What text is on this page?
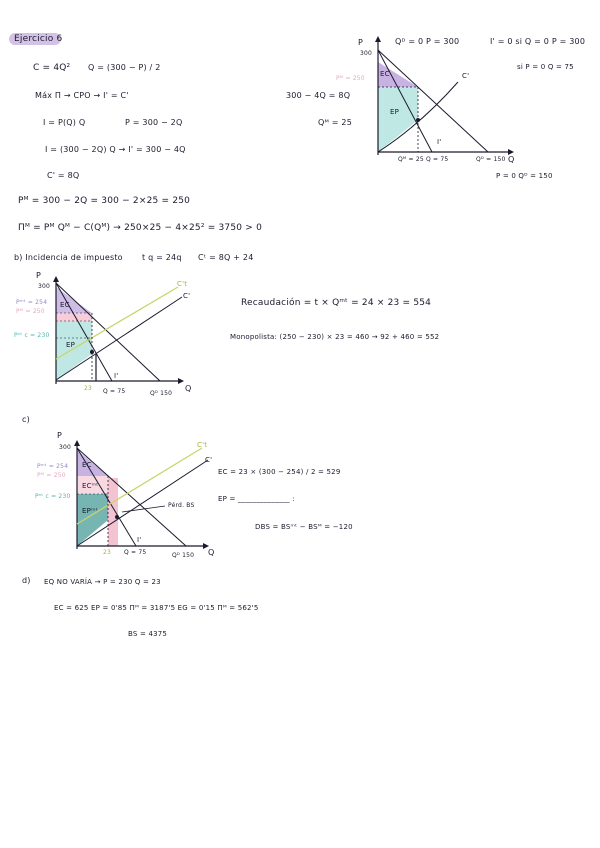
Ejercicio 6
C = 4Q² Q = (300 − P) / 2
Máx Π → CPO → I' = C'
I = P(Q) Q	P = 300 − 2Q
I = (300 − 2Q) Q → I' = 300 − 4Q
C' = 8Q
300 − 4Q = 8Q
Qᴹ = 25
Pᴹ = 300 − 2Q = 300 − 2×25 = 250
Πᴹ = Pᴹ Qᴹ − C(Qᴹ) → 250×25 − 4×25² = 3750 > 0
P
300
Qᴰ = 0 P = 300	I' = 0 si Q = 0 P = 300
si P = 0 Q = 75
Pᴹ = 250
EC
EP
C'
I'
Qᴹ = 25 Q = 75	Qᴰ = 150 Q
P = 0 Qᴰ = 150
b) Incidencia de impuesto t q = 24q Cᵗ = 8Q + 24
Recaudación = t × Qᵐᵗ = 24 × 23 = 554
Monopolista: (250 − 230) × 23 = 460 → 92 + 460 = 552
P
300
Pᵐᵗ = 254
Pᴹ = 250
Pⁿᵗ c = 230
EC
EP
C't
C'
I'
23 Q = 75	Qᴰ 150
Q
c)
P
300
Pᵐᵗ = 254
Pᴹ = 250
Pⁿᵗ c = 230
EC
ECᵐᵗ
EPᵐᵗ
C't
C'
I'
Pérd. BS
23 Q = 75	Qᴰ 150 Q
EC = 23 × (300 − 254) / 2 = 529
EP = ______________ :
DBS = BSᵐᵗ − BSᴹ = −120
d) EQ NO VARÍA → P = 230 Q = 23
EC = 625 EP = 0'85 Πᴹ = 3187'5 EG = 0'15 Πᴹ = 562'5
BS = 4375
